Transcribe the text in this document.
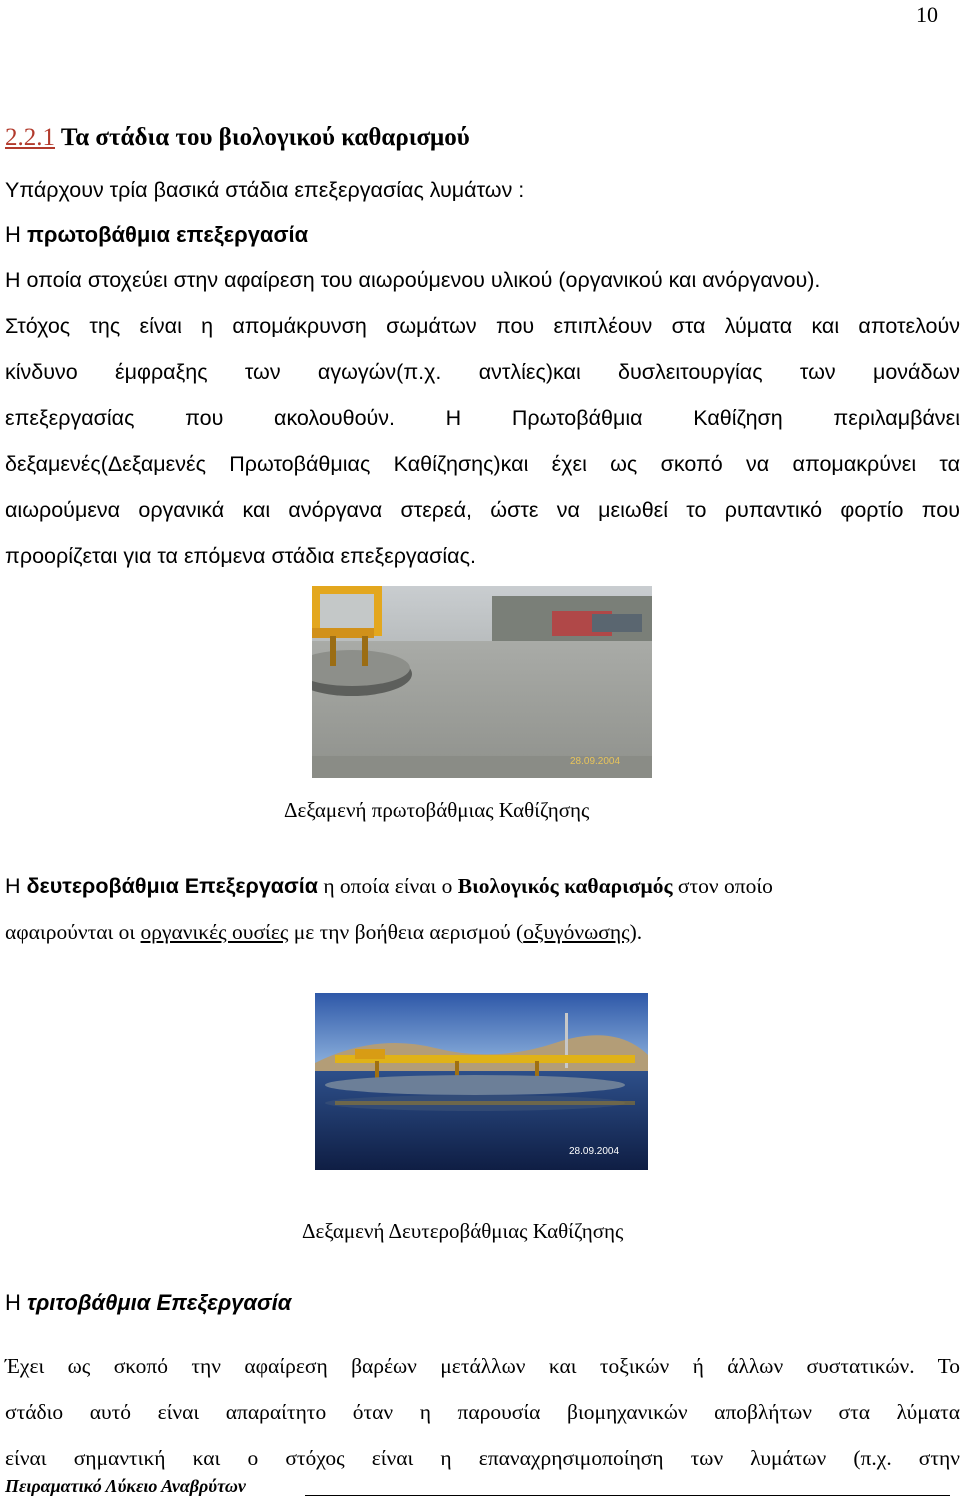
10
2.2.1 Τα στάδια του βιολογικού καθαρισμού
Υπάρχουν τρία βασικά στάδια επεξεργασίας λυμάτων :
Η πρωτοβάθμια επεξεργασία
Η οποία στοχεύει στην αφαίρεση του αιωρούμενου υλικού (οργανικού και ανόργανου).
Στόχος της είναι η απομάκρυνση σωμάτων που επιπλέουν στα λύματα και αποτελούν
κίνδυνο έμφραξης των αγωγών(π.χ. αντλίες)και δυσλειτουργίας των μονάδων
επεξεργασίας που ακολουθούν. Η Πρωτοβάθμια Καθίζηση περιλαμβάνει
δεξαμενές(Δεξαμενές Πρωτοβάθμιας Καθίζησης)και έχει ως σκοπό να απομακρύνει τα
αιωρούμενα οργανικά και ανόργανα στερεά, ώστε να μειωθεί το ρυπαντικό φορτίο που
προορίζεται για τα επόμενα στάδια επεξεργασίας.
28.09.2004
Δεξαμενή πρωτοβάθμιας Καθίζησης
Η δευτεροβάθμια Επεξεργασία η οποία είναι ο Βιολογικός καθαρισμός στον οποίο
αφαιρούνται οι οργανικές ουσίες με την βοήθεια αερισμού (οξυγόνωσης).
28.09.2004
Δεξαμενή Δευτεροβάθμιας Καθίζησης
Η τριτοβάθμια Επεξεργασία
Έχει ως σκοπό την αφαίρεση βαρέων μετάλλων και τοξικών ή άλλων συστατικών. Το
στάδιο αυτό είναι απαραίτητο όταν η παρουσία βιομηχανικών αποβλήτων στα λύματα
είναι σημαντική και ο στόχος είναι η επαναχρησιμοποίηση των λυμάτων (π.χ. στην
Πειραματικό Λύκειο Αναβρύτων
